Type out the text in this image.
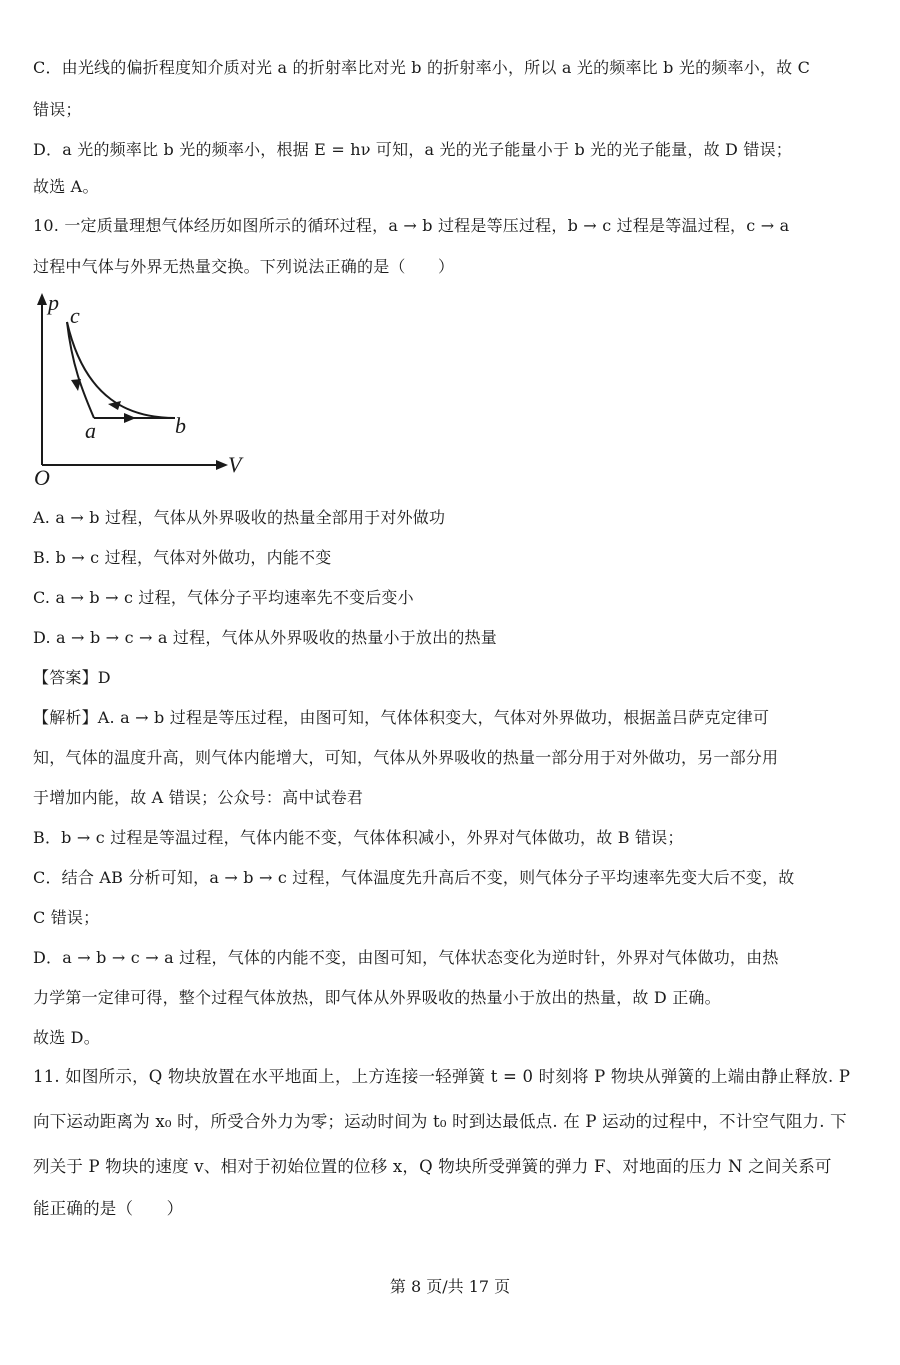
C．由光线的偏折程度知介质对光 a 的折射率比对光 b 的折射率小，所以 a 光的频率比 b 光的频率小，故 C
错误；
D．a 光的频率比 b 光的频率小，根据 E = hν 可知，a 光的光子能量小于 b 光的光子能量，故 D 错误；
故选 A。
10. 一定质量理想气体经历如图所示的循环过程，a → b 过程是等压过程，b → c 过程是等温过程，c → a
过程中气体与外界无热量交换。下列说法正确的是（　　）
A. a → b 过程，气体从外界吸收的热量全部用于对外做功
B. b → c 过程，气体对外做功，内能不变
C. a → b → c 过程，气体分子平均速率先不变后变小
D. a → b → c → a 过程，气体从外界吸收的热量小于放出的热量
【答案】D
【解析】A. a → b 过程是等压过程，由图可知，气体体积变大，气体对外界做功，根据盖吕萨克定律可
知，气体的温度升高，则气体内能增大，可知，气体从外界吸收的热量一部分用于对外做功，另一部分用
于增加内能，故 A 错误；公众号：高中试卷君
B．b → c 过程是等温过程，气体内能不变，气体体积减小，外界对气体做功，故 B 错误；
C．结合 AB 分析可知，a → b → c 过程，气体温度先升高后不变，则气体分子平均速率先变大后不变，故
C 错误；
D．a → b → c → a 过程，气体的内能不变，由图可知，气体状态变化为逆时针，外界对气体做功，由热
力学第一定律可得，整个过程气体放热，即气体从外界吸收的热量小于放出的热量，故 D 正确。
故选 D。
11. 如图所示，Q 物块放置在水平地面上，上方连接一轻弹簧 t = 0 时刻将 P 物块从弹簧的上端由静止释放. P
向下运动距离为 x₀ 时，所受合外力为零；运动时间为 t₀ 时到达最低点. 在 P 运动的过程中，不计空气阻力. 下
列关于 P 物块的速度 v、相对于初始位置的位移 x，Q 物块所受弹簧的弹力 F、对地面的压力 N 之间关系可
能正确的是（　　）
p
c
a	b
O
V
第 8 页/共 17 页
